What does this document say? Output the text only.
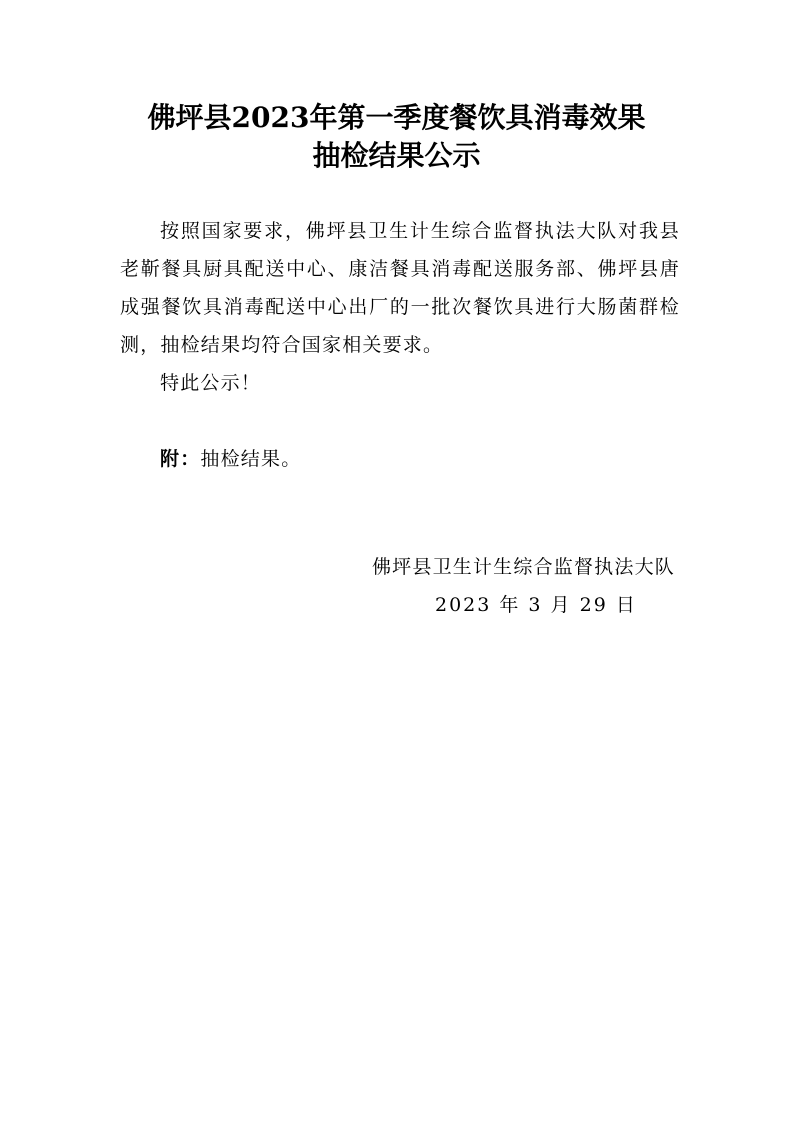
佛坪县2023年第一季度餐饮具消毒效果
抽检结果公示

按照国家要求，佛坪县卫生计生综合监督执法大队对我县老靳餐具厨具配送中心、康洁餐具消毒配送服务部、佛坪县唐成强餐饮具消毒配送中心出厂的一批次餐饮具进行大肠菌群检测，抽检结果均符合国家相关要求。

特此公示！

附：抽检结果。

佛坪县卫生计生综合监督执法大队

2023 年 3 月 29 日
